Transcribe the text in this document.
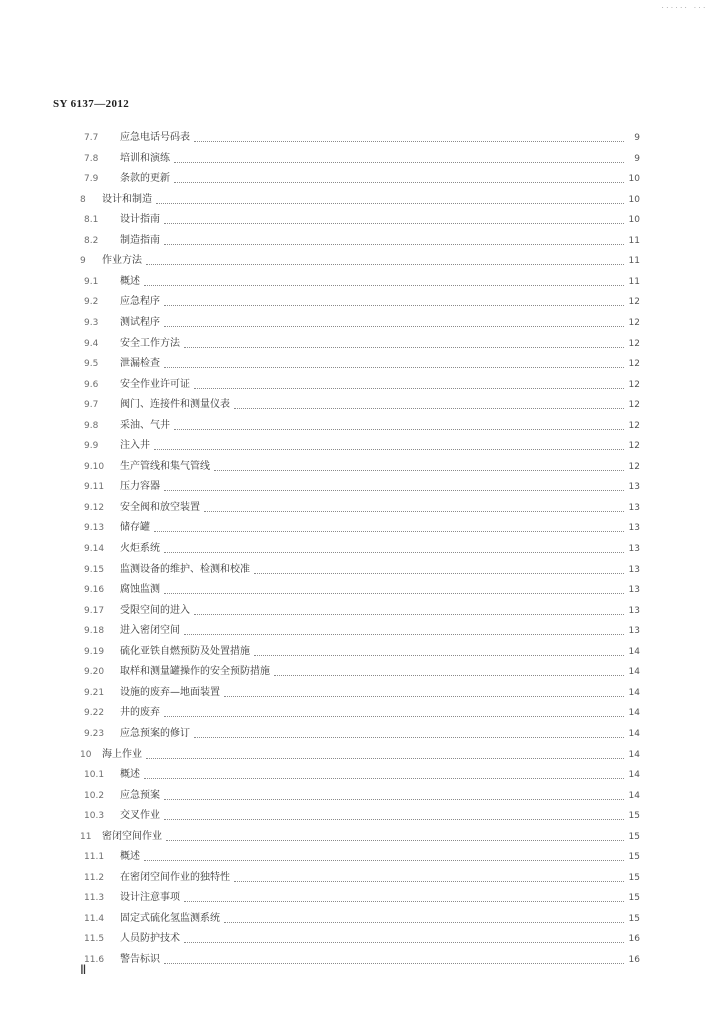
...... ...
SY 6137—2012
7.7	应急电话号码表	9
7.8	培训和演练	9
7.9	条款的更新	10
8	设计和制造	10
8.1	设计指南	10
8.2	制造指南	11
9	作业方法	11
9.1	概述	11
9.2	应急程序	12
9.3	测试程序	12
9.4	安全工作方法	12
9.5	泄漏检查	12
9.6	安全作业许可证	12
9.7	阀门、连接件和测量仪表	12
9.8	采油、气井	12
9.9	注入井	12
9.10	生产管线和集气管线	12
9.11	压力容器	13
9.12	安全阀和放空装置	13
9.13	储存罐	13
9.14	火炬系统	13
9.15	监测设备的维护、检测和校准	13
9.16	腐蚀监测	13
9.17	受限空间的进入	13
9.18	进入密闭空间	13
9.19	硫化亚铁自燃预防及处置措施	14
9.20	取样和测量罐操作的安全预防措施	14
9.21	设施的废弃—地面装置	14
9.22	井的废弃	14
9.23	应急预案的修订	14
10 海上作业	14
10.1	概述	14
10.2	应急预案	14
10.3	交叉作业	15
11 密闭空间作业	15
11.1	概述	15
11.2	在密闭空间作业的独特性	15
11.3	设计注意事项	15
11.4	固定式硫化氢监测系统	15
11.5	人员防护技术	16
11.6	警告标识	16
Ⅱ
